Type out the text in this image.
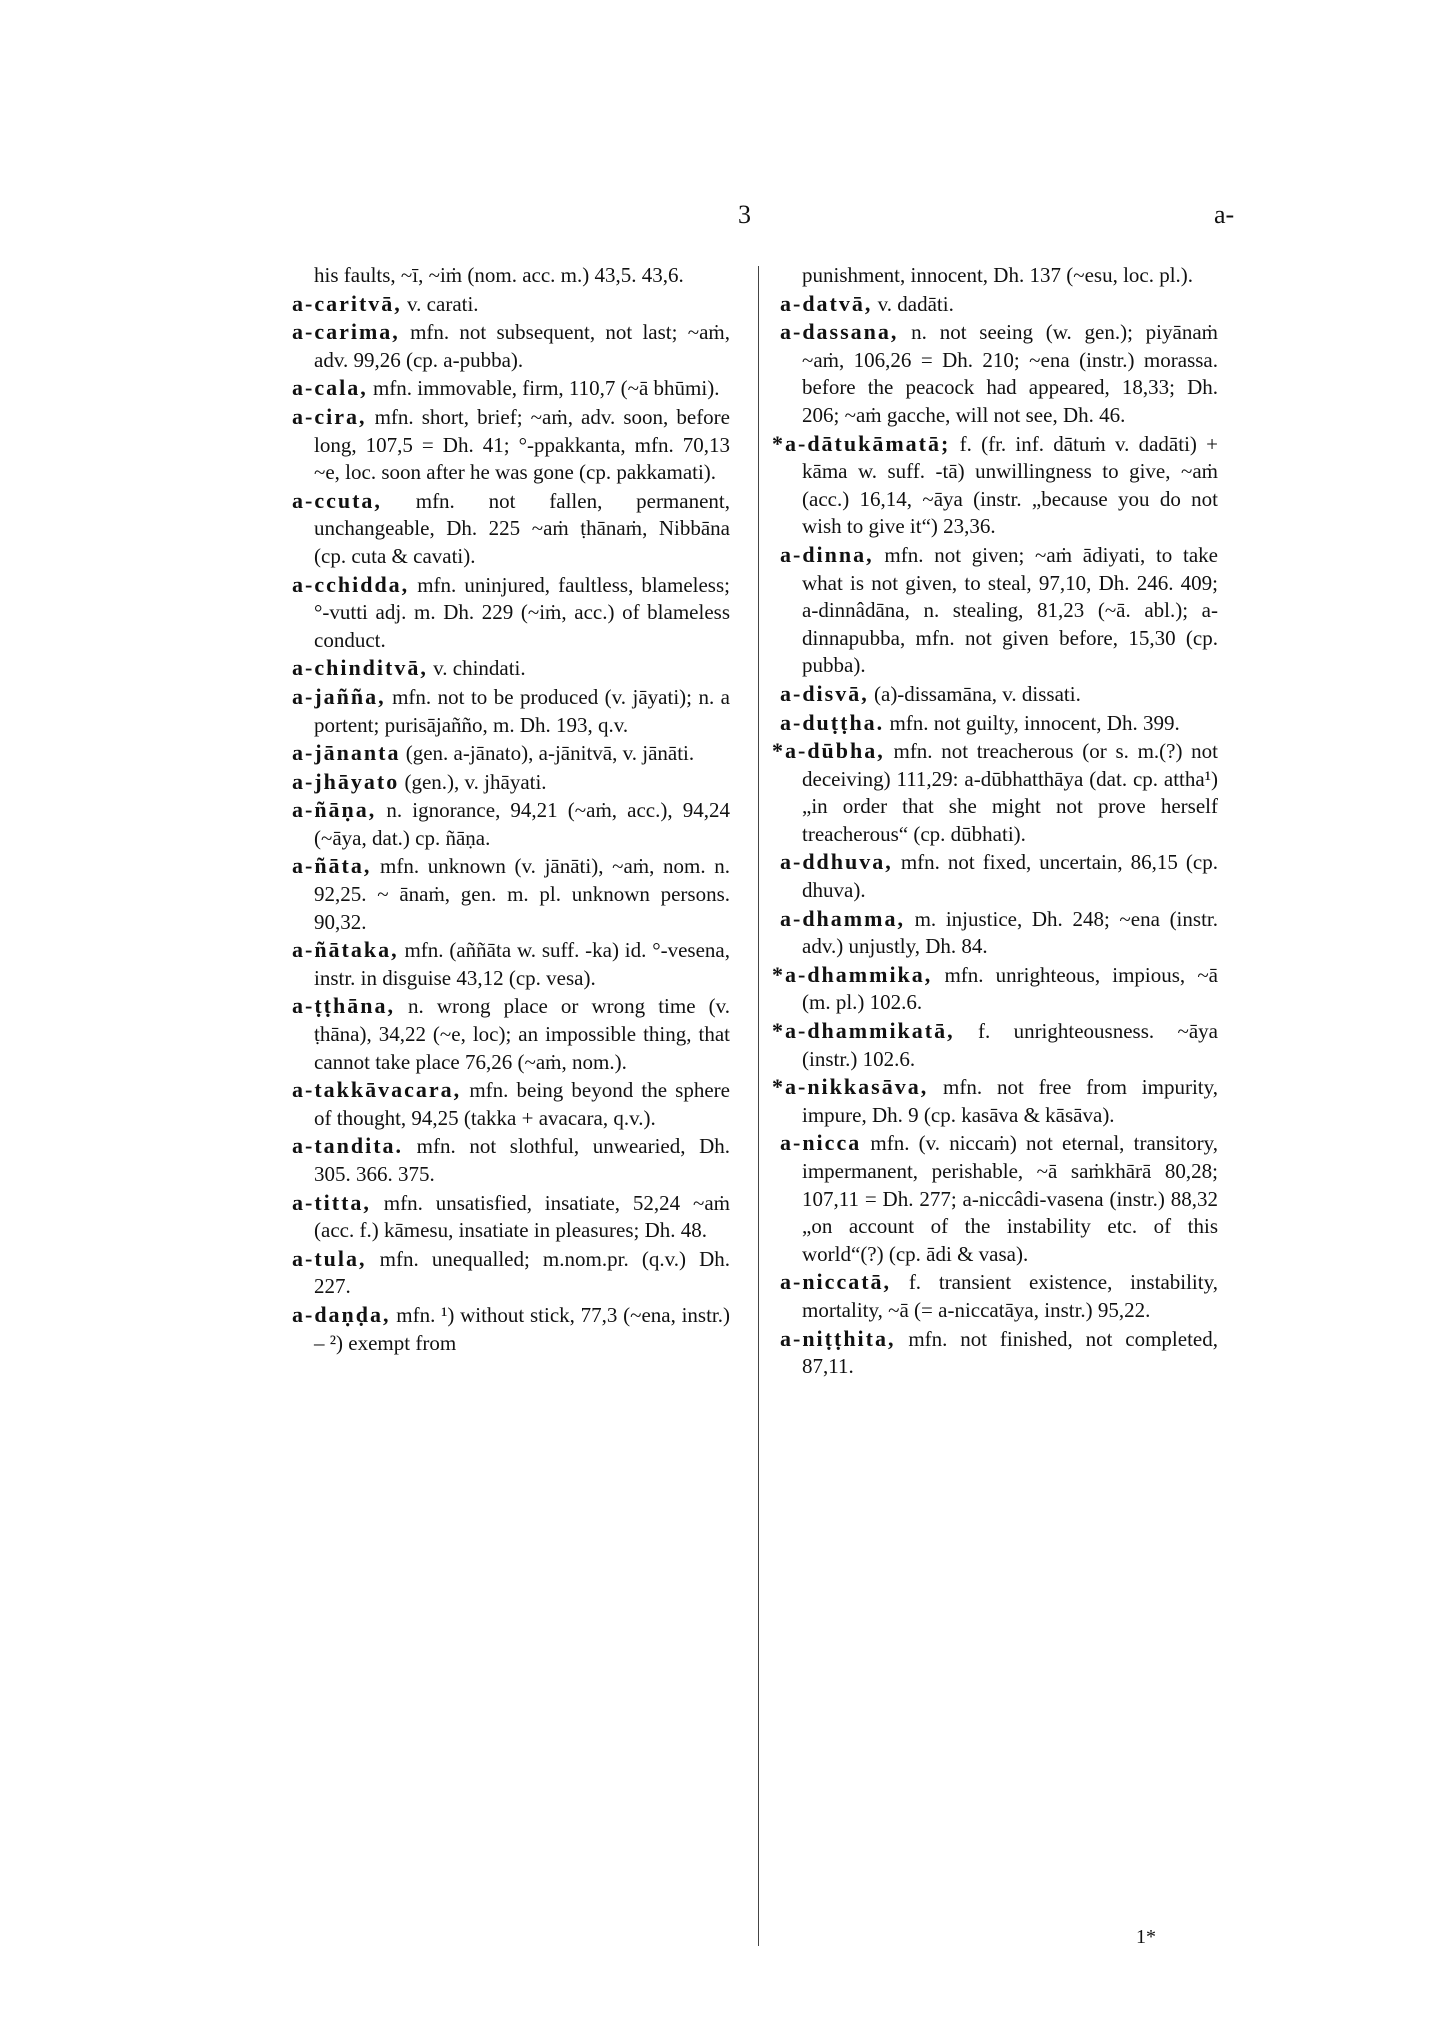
3	a-

his faults, ~ī, ~iṁ (nom. acc. m.) 43,5. 43,6.

a-caritvā, v. carati.

a-carima, mfn. not subsequent, not last; ~aṁ, adv. 99,26 (cp. a-pubba).

a-cala, mfn. immovable, firm, 110,7 (~ā bhūmi).

a-cira, mfn. short, brief; ~aṁ, adv. soon, before long, 107,5 = Dh. 41; °-ppakkanta, mfn. 70,13 ~e, loc. soon after he was gone (cp. pakkamati).

a-ccuta, mfn. not fallen, permanent, unchangeable, Dh. 225 ~aṁ ṭhānaṁ, Nibbāna (cp. cuta & cavati).

a-cchidda, mfn. uninjured, faultless, blameless; °-vutti adj. m. Dh. 229 (~iṁ, acc.) of blameless conduct.

a-chinditvā, v. chindati.

a-jañña, mfn. not to be produced (v. jāyati); n. a portent; purisājañño, m. Dh. 193, q.v.

a-jānanta (gen. a-jānato), a-jānitvā, v. jānāti.

a-jhāyato (gen.), v. jhāyati.

a-ñāṇa, n. ignorance, 94,21 (~aṁ, acc.), 94,24 (~āya, dat.) cp. ñāṇa.

a-ñāta, mfn. unknown (v. jānāti), ~aṁ, nom. n. 92,25. ~ ānaṁ, gen. m. pl. unknown persons. 90,32.

a-ñātaka, mfn. (aññāta w. suff. -ka) id. °-vesena, instr. in disguise 43,12 (cp. vesa).

a-ṭṭhāna, n. wrong place or wrong time (v. ṭhāna), 34,22 (~e, loc); an impossible thing, that cannot take place 76,26 (~aṁ, nom.).

a-takkāvacara, mfn. being beyond the sphere of thought, 94,25 (takka + avacara, q.v.).

a-tandita. mfn. not slothful, unwearied, Dh. 305. 366. 375.

a-titta, mfn. unsatisfied, insatiate, 52,24 ~aṁ (acc. f.) kāmesu, insatiate in pleasures; Dh. 48.

a-tula, mfn. unequalled; m.nom.pr. (q.v.) Dh. 227.

a-daṇḍa, mfn. ¹) without stick, 77,3 (~ena, instr.) – ²) exempt from

punishment, innocent, Dh. 137 (~esu, loc. pl.).

a-datvā, v. dadāti.

a-dassana, n. not seeing (w. gen.); piyānaṁ ~aṁ, 106,26 = Dh. 210; ~ena (instr.) morassa. before the peacock had appeared, 18,33; Dh. 206; ~aṁ gacche, will not see, Dh. 46.

*a-dātukāmatā; f. (fr. inf. dātuṁ v. dadāti) + kāma w. suff. -tā) unwillingness to give, ~aṁ (acc.) 16,14, ~āya (instr. „because you do not wish to give it“) 23,36.

a-dinna, mfn. not given; ~aṁ ādiyati, to take what is not given, to steal, 97,10, Dh. 246. 409; a-dinnâdāna, n. stealing, 81,23 (~ā. abl.); a-dinnapubba, mfn. not given before, 15,30 (cp. pubba).

a-disvā, (a)-dissamāna, v. dissati.

a-duṭṭha. mfn. not guilty, innocent, Dh. 399.

*a-dūbha, mfn. not treacherous (or s. m.(?) not deceiving) 111,29: a-dūbhatthāya (dat. cp. attha¹) „in order that she might not prove herself treacherous“ (cp. dūbhati).

a-ddhuva, mfn. not fixed, uncertain, 86,15 (cp. dhuva).

a-dhamma, m. injustice, Dh. 248; ~ena (instr. adv.) unjustly, Dh. 84.

*a-dhammika, mfn. unrighteous, impious, ~ā (m. pl.) 102.6.

*a-dhammikatā, f. unrighteousness. ~āya (instr.) 102.6.

*a-nikkasāva, mfn. not free from impurity, impure, Dh. 9 (cp. kasāva & kāsāva).

a-nicca mfn. (v. niccaṁ) not eternal, transitory, impermanent, perishable, ~ā saṁkhārā 80,28; 107,11 = Dh. 277; a-niccâdi-vasena (instr.) 88,32 „on account of the instability etc. of this world“(?) (cp. ādi & vasa).

a-niccatā, f. transient existence, instability, mortality, ~ā (= a-niccatāya, instr.) 95,22.

a-niṭṭhita, mfn. not finished, not completed, 87,11.

1*
